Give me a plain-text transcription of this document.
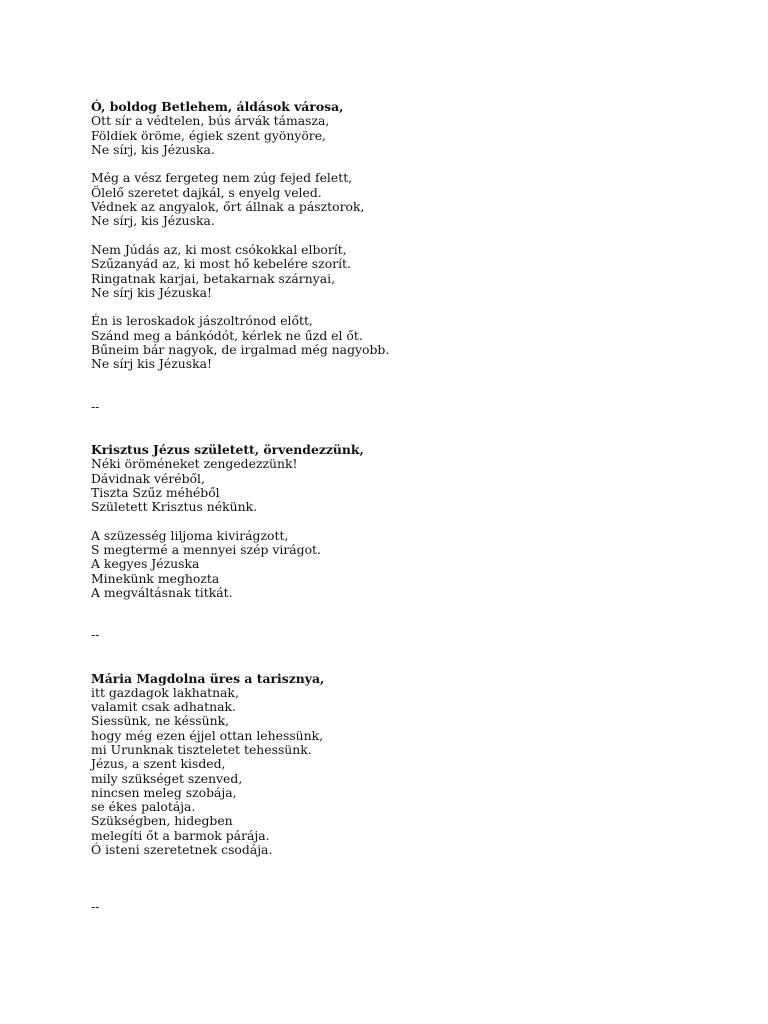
Ó, boldog Betlehem, áldások városa,
Ott sír a védtelen, bús árvák támasza,
Földiek öröme, égiek szent gyönyöre,
Ne sírj, kis Jézuska.
Még a vész fergeteg nem zúg fejed felett,
Ölelő szeretet dajkál, s enyelg veled.
Védnek az angyalok, őrt állnak a pásztorok,
Ne sírj, kis Jézuska.
Nem Júdás az, ki most csókokkal elborít,
Szűzanyád az, ki most hő kebelére szorít.
Ringatnak karjai, betakarnak szárnyai,
Ne sírj kis Jézuska!
Én is leroskadok jászoltrónod előtt,
Szánd meg a bánkódót, kérlek ne űzd el őt.
Bűneim bár nagyok, de irgalmad még nagyobb.
Ne sírj kis Jézuska!
--
Krisztus Jézus született, örvendezzünk,
Néki öröméneket zengedezzünk!
Dávidnak véréből,
Tiszta Szűz méhéből
Született Krisztus nékünk.
A szüzesség liljoma kivirágzott,
S megtermé a mennyei szép virágot.
A kegyes Jézuska
Minekünk meghozta
A megváltásnak titkát.
--
Mária Magdolna üres a tarisznya,
itt gazdagok lakhatnak,
valamit csak adhatnak.
Siessünk, ne késsünk,
hogy még ezen éjjel ottan lehessünk,
mi Urunknak tiszteletet tehessünk.
Jézus, a szent kisded,
mily szükséget szenved,
nincsen meleg szobája,
se ékes palotája.
Szükségben, hidegben
melegíti őt a barmok párája.
Ó isteni szeretetnek csodája.
--
